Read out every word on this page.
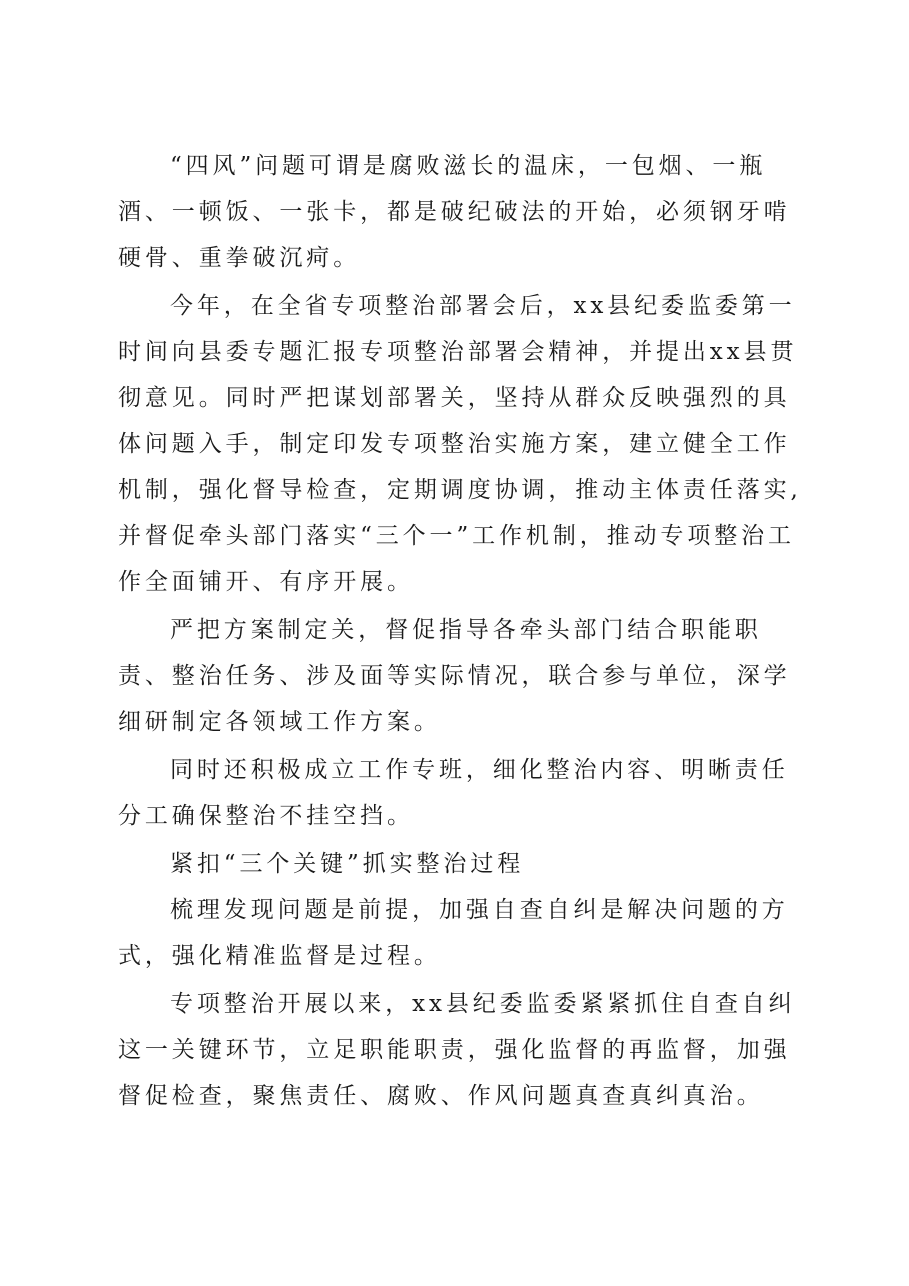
“四风”问题可谓是腐败滋长的温床，一包烟、一瓶酒、一顿饭、一张卡，都是破纪破法的开始，必须钢牙啃硬骨、重拳破沉疴。

今年，在全省专项整治部署会后，xx县纪委监委第一时间向县委专题汇报专项整治部署会精神，并提出xx县贯彻意见。同时严把谋划部署关，坚持从群众反映强烈的具体问题入手，制定印发专项整治实施方案，建立健全工作机制，强化督导检查，定期调度协调，推动主体责任落实,并督促牵头部门落实“三个一”工作机制，推动专项整治工作全面铺开、有序开展。

严把方案制定关，督促指导各牵头部门结合职能职责、整治任务、涉及面等实际情况，联合参与单位，深学细研制定各领域工作方案。

同时还积极成立工作专班，细化整治内容、明晰责任分工确保整治不挂空挡。

紧扣“三个关键”抓实整治过程

梳理发现问题是前提，加强自查自纠是解决问题的方式，强化精准监督是过程。

专项整治开展以来，xx县纪委监委紧紧抓住自查自纠这一关键环节，立足职能职责，强化监督的再监督，加强督促检查，聚焦责任、腐败、作风问题真查真纠真治。
